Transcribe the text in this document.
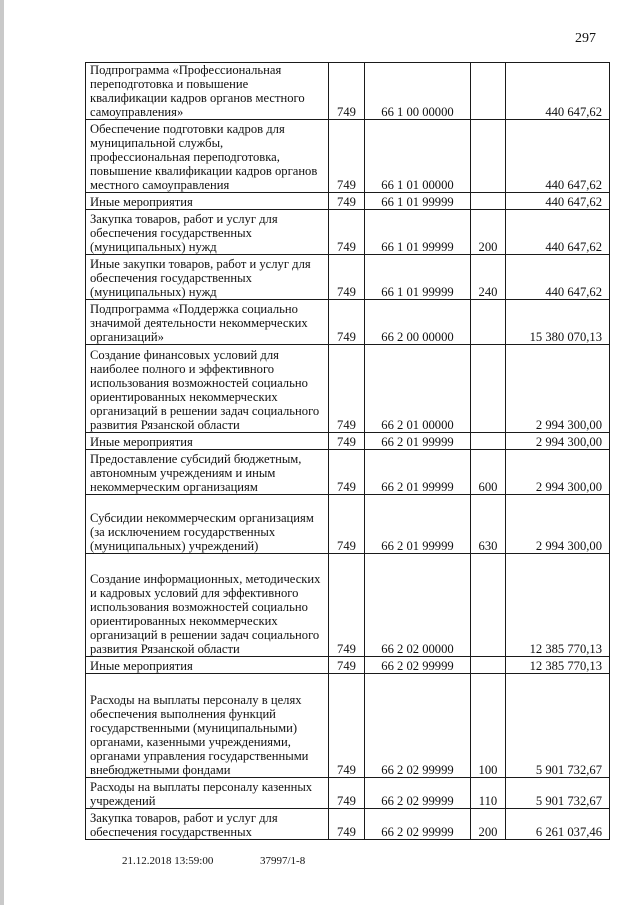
297
Подпрограмма «Профессиональная переподготовка и повышение квалификации кадров органов местного самоуправления»	749	66 1 00 00000		440 647,62
Обеспечение подготовки кадров для муниципальной службы, профессиональная переподготовка, повышение квалификации кадров органов местного самоуправления	749	66 1 01 00000		440 647,62
Иные мероприятия	749	66 1 01 99999		440 647,62
Закупка товаров, работ и услуг для обеспечения государственных (муниципальных) нужд	749	66 1 01 99999	200	440 647,62
Иные закупки товаров, работ и услуг для обеспечения государственных (муниципальных) нужд	749	66 1 01 99999	240	440 647,62
Подпрограмма «Поддержка социально значимой деятельности некоммерческих организаций»	749	66 2 00 00000		15 380 070,13
Создание финансовых условий для наиболее полного и эффективного использования возможностей социально ориентированных некоммерческих организаций в решении задач социального развития Рязанской области	749	66 2 01 00000		2 994 300,00
Иные мероприятия	749	66 2 01 99999		2 994 300,00
Предоставление субсидий бюджетным, автономным учреждениям и иным некоммерческим организациям	749	66 2 01 99999	600	2 994 300,00
Субсидии некоммерческим организациям (за исключением государственных (муниципальных) учреждений)	749	66 2 01 99999	630	2 994 300,00
Создание информационных, методических и кадровых условий для эффективного использования возможностей социально ориентированных некоммерческих организаций в решении задач социального развития Рязанской области	749	66 2 02 00000		12 385 770,13
Иные мероприятия	749	66 2 02 99999		12 385 770,13
Расходы на выплаты персоналу в целях обеспечения выполнения функций государственными (муниципальными) органами, казенными учреждениями, органами управления государственными внебюджетными фондами	749	66 2 02 99999	100	5 901 732,67
Расходы на выплаты персоналу казенных учреждений	749	66 2 02 99999	110	5 901 732,67
Закупка товаров, работ и услуг для обеспечения государственных	749	66 2 02 99999	200	6 261 037,46
21.12.2018 13:59:00	37997/1-8
